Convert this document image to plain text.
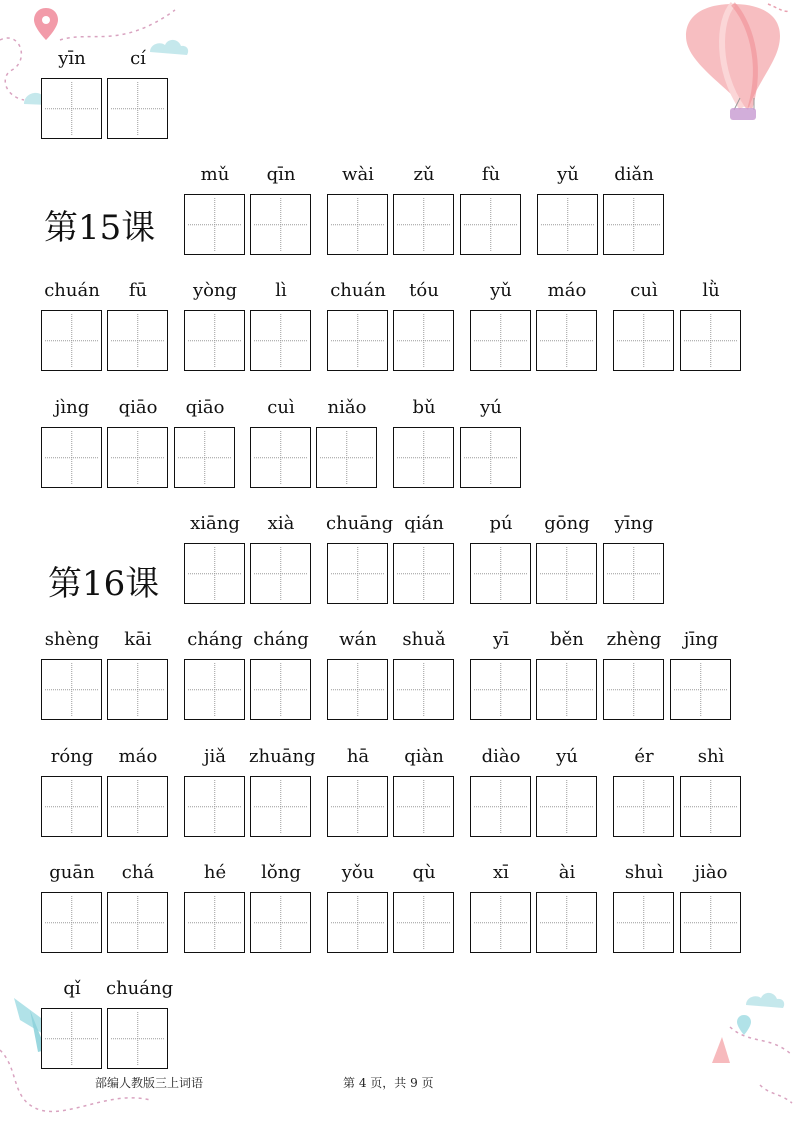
第15课
第16课
yīn	cí
mǔ	qīn	wài	zǔ	fù	yǔ	diǎn
chuán	fū	yòng	lì	chuán	tóu	yǔ	máo	cuì	lǜ
jìng	qiāo	qiāo	cuì	niǎo	bǔ	yú
xiāng	xià	chuāng qián	pú	gōng	yīng
shèng	kāi	cháng cháng	wán	shuǎ	yī	běn	zhèng	jīng
róng	máo	jiǎ	zhuāng	hā	qiàn	diào	yú	ér	shì
guān	chá	hé	lǒng	yǒu	qù	xī	ài	shuì	jiào
qǐ	chuáng
部编人教版三上词语	第 4 页，共 9 页
